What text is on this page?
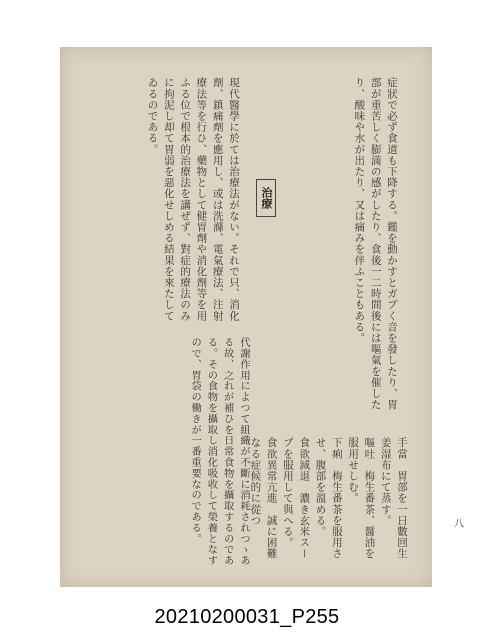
症狀で必ず食道も下降する。鑑を動かすとガブく音を發したり、胃部が重苦しく膨満の感がしたり、食後一二時間後には嘔氣を催したり、酸味や水が出たり、又は痛みを伴ふこともある。
治療
現代醫學に於ては治療法がない。それで只、消化劑、鎮痛劑を應用し、或は洗滌、電氣療法、注射療法等を行ひ、藥物として健胃劑や消化劑等を用ふる位で根本的治療法を講ぜず、對症的療法のみに拘泥し却て胃弱を惡化せしめる結果を來たしてゐるのである。
代謝作用によつて組織が不斷に消耗されつゝある故、之れが補ひを日常食物を攝取するのである。その食物を攝取し消化吸收して榮養となすので、胃袋の働きが一番重要なのである。	手當　胃部を一日數回生姜湿布にて蒸す。
嘔吐　梅生番茶、醤油を服用せしむ。
下痢　梅生番茶を服用させ、腹部を溫める。
食欲減退　濃き玄米スープを服用して與へる。
食欲異常亢進　誠に困難なる症候的に從つ	八
20210200031_P255
